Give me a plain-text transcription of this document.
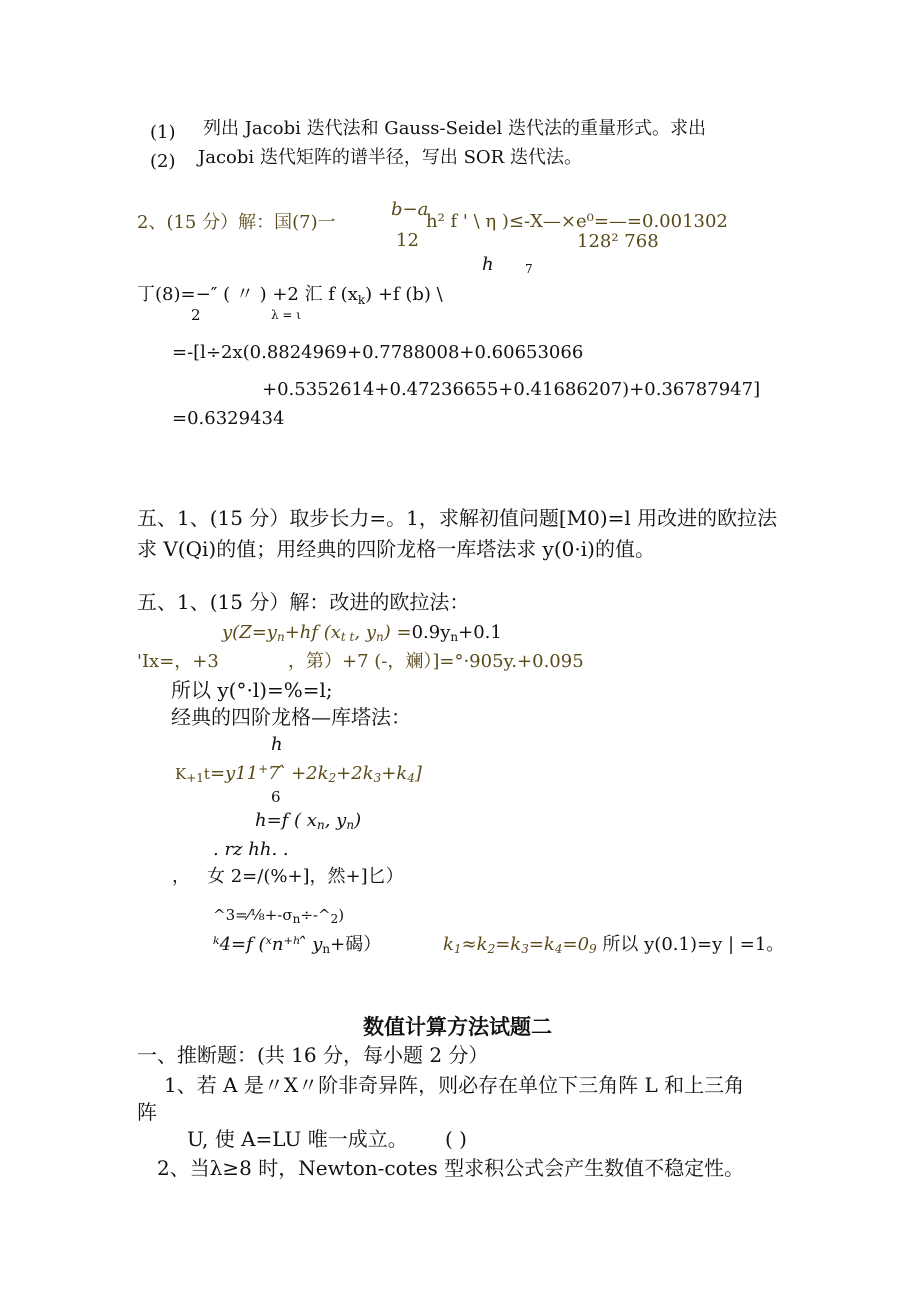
(1) 列出 Jacobi 迭代法和 Gauss-Seidel 迭代法的重量形式。求出
(2) Jacobi 迭代矩阵的谱半径，写出 SOR 迭代法。
2、(15 分）解：国(7)一
b−a
12
h² f ' \ η )≤-X—×e⁰=—=0.001302
128² 768
h	7
丁(8)=−″ ( 〃 ) +2 汇 f $(x_k) +f$ (b) \
2	λ = ι
=-[l÷2x(0.8824969+0.7788008+0.60653066
+0.5352614+0.47236655+0.41686207)+0.36787947]
=0.6329434
五、1、(15 分）取步长力=。1，求解初值问题[M0)=l 用改进的欧拉法
求 V(Qi)的值；用经典的四阶龙格一库塔法求 y(0·i)的值。
五、1、(15 分）解：改进的欧拉法：
y(Z=yn+hf (xt t, yn) =0.9yn+0.1
'Ix=，+3	，第）+7 (-，斓）]=°·905y.+0.095
所以 y(°·l)=%=l;
经典的四阶龙格—库塔法：
h
K+1t=y11+7 ̂ +2k2+2k3+k4]
6
h=f ( xn, yn)
. rz hh. .
， 女 2=/(%+]，然+]匕）
$\^{}3=⁄\frac{1}{8}+-\sigma_n\div-\^{}_2$)
ᵏ4=f (ˣn⁺ʰ ̂ yn+碣）	k1≈k2=k3=k4=09 所以 y(0.1)=y | =1。
数值计算方法试题二
一、推断题：(共 16 分，每小题 2 分）
1、若 A 是〃X〃阶非奇异阵，则必存在单位下三角阵 L 和上三角
阵
U, 使 A=LU 唯一成立。 ( )
2、当λ≥8 时，Newton-cotes 型求积公式会产生数值不稳定性。
